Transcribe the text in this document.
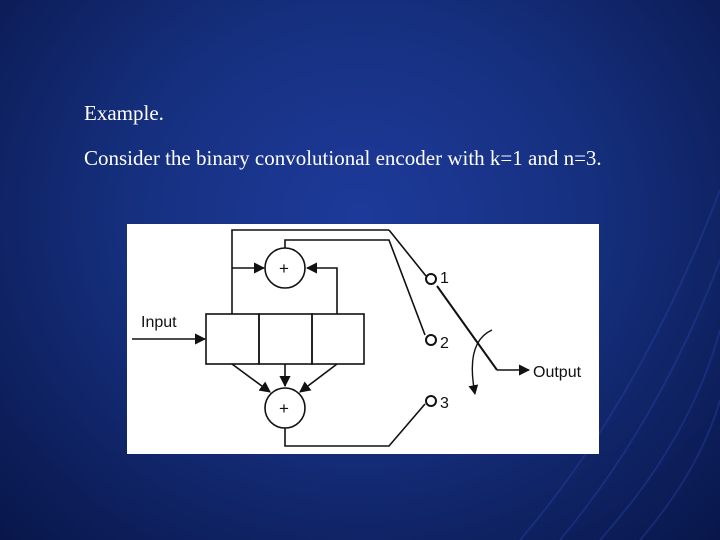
Example.

Consider the binary convolutional encoder with k=1 and n=3.

+
+
Input
Output
1
2
3
